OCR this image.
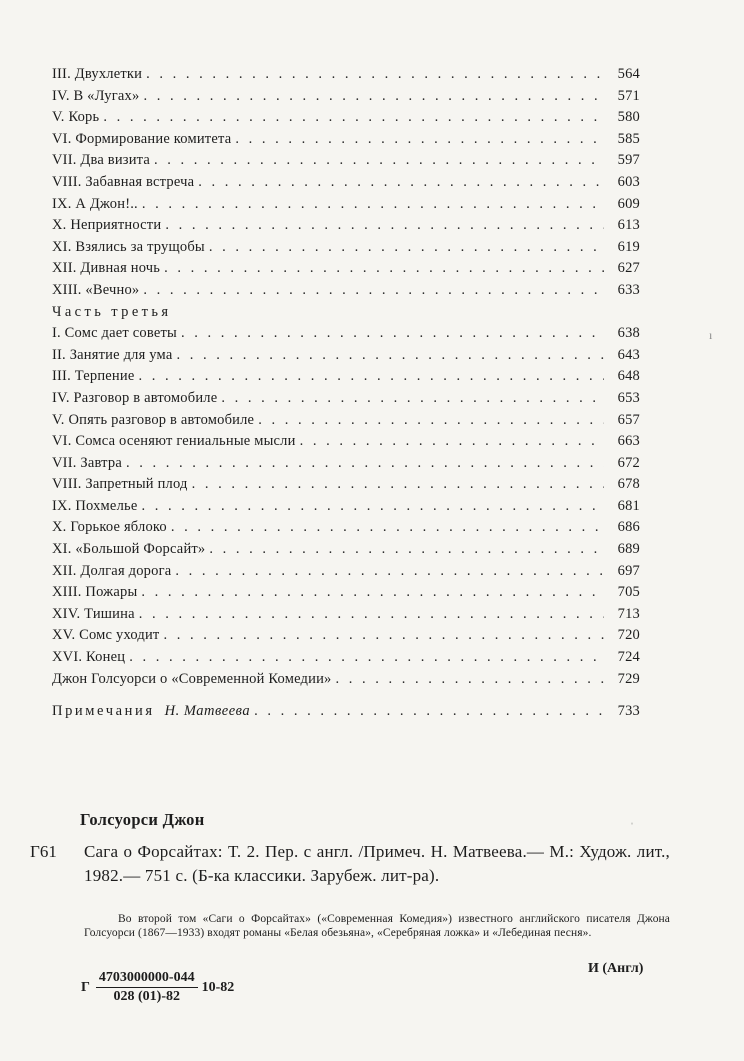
III. Двухлетки . . .	564
IV. В «Лугах» . . .	571
V. Корь . . .	580
VI. Формирование комитета . . .	585
VII. Два визита . . .	597
VIII. Забавная встреча . . .	603
IX. А Джон!.. . . .	609
X. Неприятности . . .	613
XI. Взялись за трущобы . . .	619
XII. Дивная ночь . . .	627
XIII. «Вечно» . . .	633
Часть третья
I. Сомс дает советы . . .	638
II. Занятие для ума . . .	643
III. Терпение . . .	648
IV. Разговор в автомобиле . . .	653
V. Опять разговор в автомобиле . . .	657
VI. Сомса осеняют гениальные мысли . . .	663
VII. Завтра . . .	672
VIII. Запретный плод . . .	678
IX. Похмелье . . .	681
X. Горькое яблоко . . .	686
XI. «Большой Форсайт» . . .	689
XII. Долгая дорога . . .	697
XIII. Пожары . . .	705
XIV. Тишина . . .	713
XV. Сомс уходит . . .	720
XVI. Конец . . .	724
Джон Голсуорси о «Современной Комедии» . . .	729
Примечания Н. Матвеева . . .	733
ı
ˈ
Голсуорси Джон
Г61 Сага о Форсайтах: Т. 2. Пер. с англ. /Примеч. Н. Матвеева.— М.: Худож. лит., 1982.— 751 с. (Б-ка классики. Зарубеж. лит-ра).
Во второй том «Саги о Форсайтах» («Современная Комедия») известного английского писателя Джона Голсуорси (1867—1933) входят романы «Белая обезьяна», «Серебряная ложка» и «Лебединая песня».
Г $\frac{4703000000-044}{028 (01)-82} 10-82$
И (Англ)
